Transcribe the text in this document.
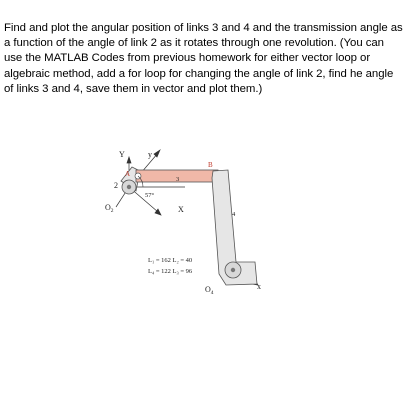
Find and plot the angular position of links 3 and 4 and the transmission angle as a function of the angle of link 2 as it rotates through one revolution. (You can use the MATLAB Codes from previous homework for either vector loop or algebraic method, add a for loop for changing the angle of link 2, find he angle of links 3 and 4, save them in vector and plot them.)
Y	y
A
B
2
3
4
57°
X
x
$O_2$
$O_4$
L₁ = 162 L₂ = 40
L₄ = 122 L₃ = 96
